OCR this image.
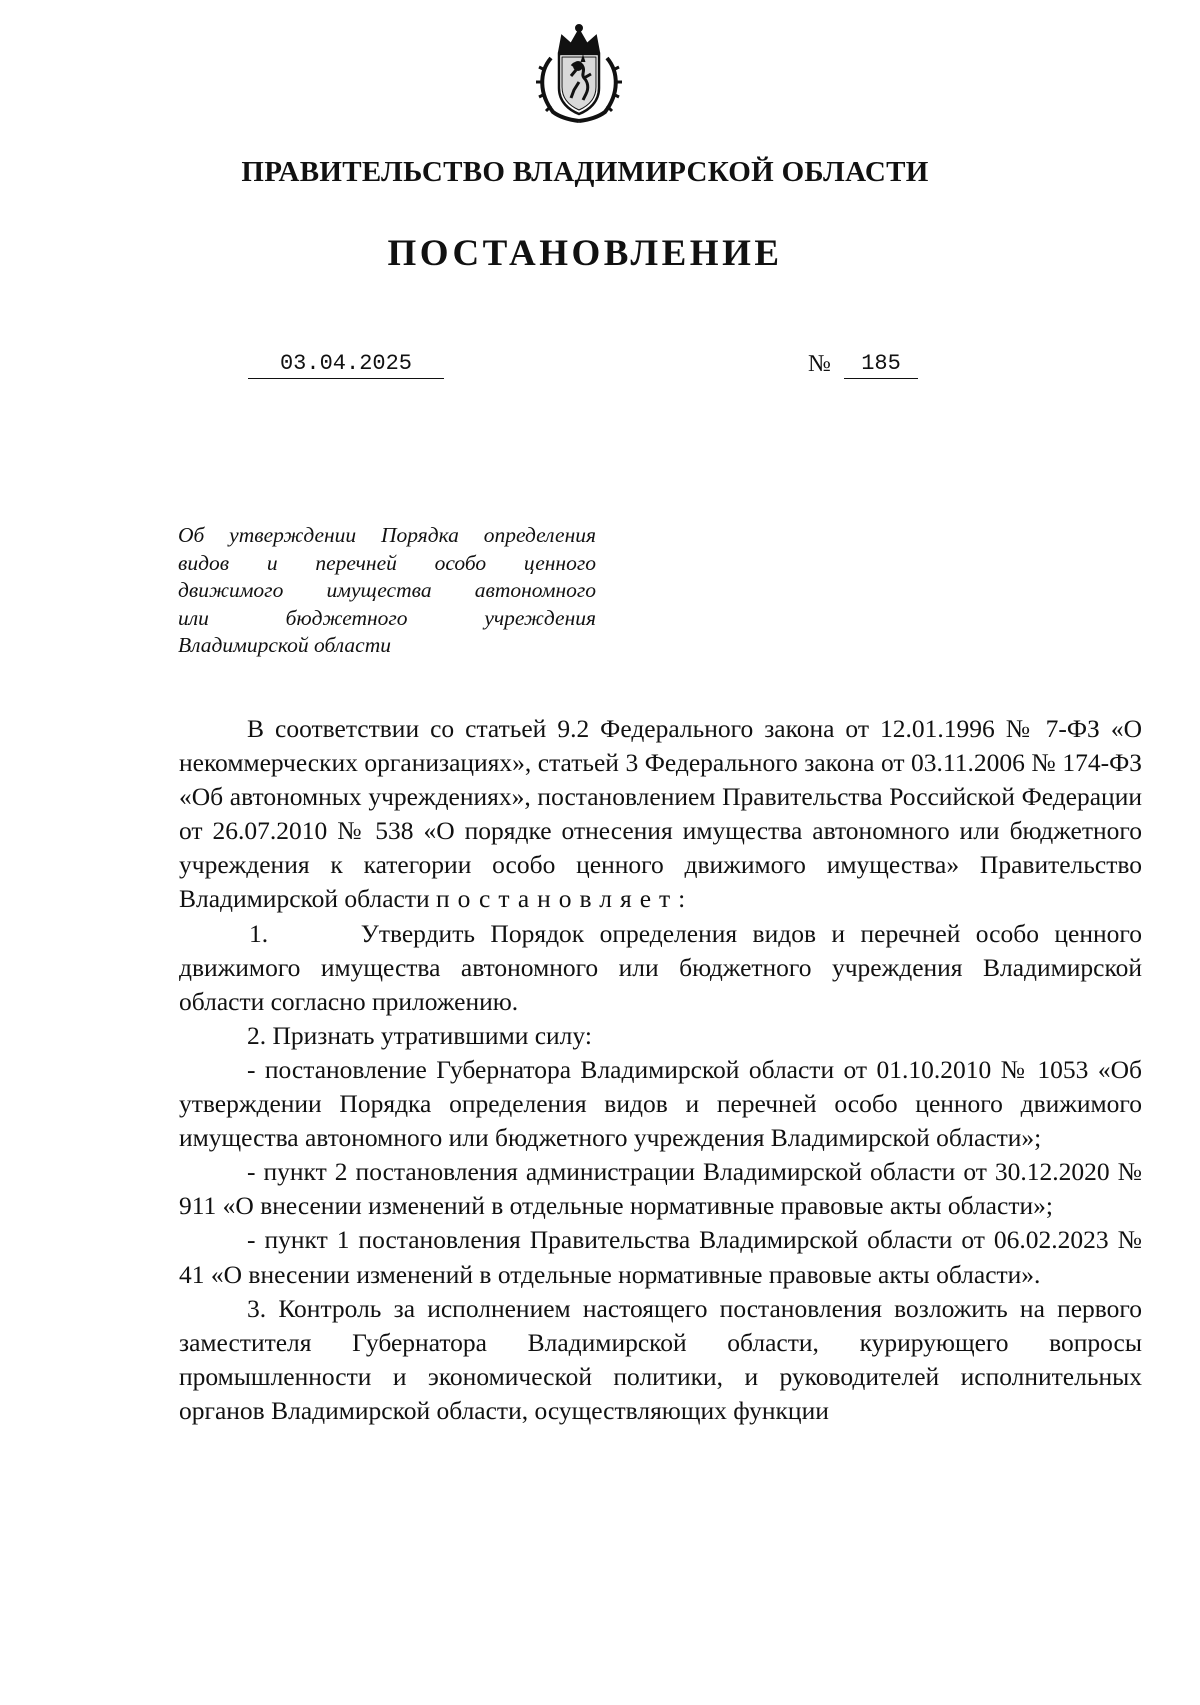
ПРАВИТЕЛЬСТВО ВЛАДИМИРСКОЙ ОБЛАСТИ
ПОСТАНОВЛЕНИЕ
03.04.2025	№	185
Об утверждении Порядка определения
видов и перечней особо ценного
движимого имущества автономного
или бюджетного учреждения
Владимирской области

В соответствии со статьей 9.2 Федерального закона от 12.01.1996 № 7-ФЗ «О некоммерческих организациях», статьей 3 Федерального закона от 03.11.2006 № 174-ФЗ «Об автономных учреждениях», постановлением Правительства Российской Федерации от 26.07.2010 № 538 «О порядке отнесения имущества автономного или бюджетного учреждения к категории особо ценного движимого имущества» Правительство Владимирской области постановляет:

1.      Утвердить Порядок определения видов и перечней особо ценного движимого имущества автономного или бюджетного учреждения Владимирской области согласно приложению.

2. Признать утратившими силу:

- постановление Губернатора Владимирской области от 01.10.2010 № 1053 «Об утверждении Порядка определения видов и перечней особо ценного движимого имущества автономного или бюджетного учреждения Владимирской области»;

- пункт 2 постановления администрации Владимирской области от 30.12.2020 № 911 «О внесении изменений в отдельные нормативные правовые акты области»;

- пункт 1 постановления Правительства Владимирской области от 06.02.2023 № 41 «О внесении изменений в отдельные нормативные правовые акты области».

3. Контроль за исполнением настоящего постановления возложить на первого заместителя Губернатора Владимирской области, курирующего вопросы промышленности и экономической политики, и руководителей исполнительных органов Владимирской области, осуществляющих функции
